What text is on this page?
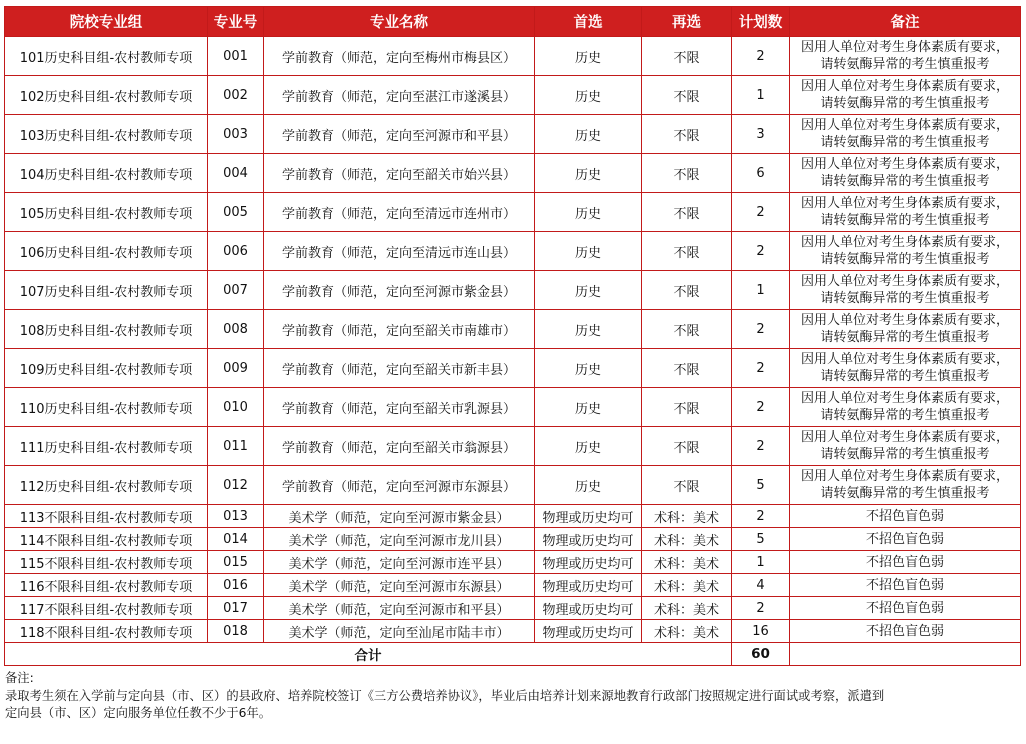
院校专业组	专业号	专业名称	首选	再选	计划数	备注
101历史科目组-农村教师专项	001	学前教育（师范，定向至梅州市梅县区）	历史	不限	2	因用人单位对考生身体素质有要求，
请转氨酶异常的考生慎重报考

102历史科目组-农村教师专项	002	学前教育（师范，定向至湛江市遂溪县）	历史	不限	1	因用人单位对考生身体素质有要求，
请转氨酶异常的考生慎重报考

103历史科目组-农村教师专项	003	学前教育（师范，定向至河源市和平县）	历史	不限	3	因用人单位对考生身体素质有要求，
请转氨酶异常的考生慎重报考

104历史科目组-农村教师专项	004	学前教育（师范，定向至韶关市始兴县）	历史	不限	6	因用人单位对考生身体素质有要求，
请转氨酶异常的考生慎重报考

105历史科目组-农村教师专项	005	学前教育（师范，定向至清远市连州市）	历史	不限	2	因用人单位对考生身体素质有要求，
请转氨酶异常的考生慎重报考

106历史科目组-农村教师专项	006	学前教育（师范，定向至清远市连山县）	历史	不限	2	因用人单位对考生身体素质有要求，
请转氨酶异常的考生慎重报考

107历史科目组-农村教师专项	007	学前教育（师范，定向至河源市紫金县）	历史	不限	1	因用人单位对考生身体素质有要求，
请转氨酶异常的考生慎重报考

108历史科目组-农村教师专项	008	学前教育（师范，定向至韶关市南雄市）	历史	不限	2	因用人单位对考生身体素质有要求，
请转氨酶异常的考生慎重报考

109历史科目组-农村教师专项	009	学前教育（师范，定向至韶关市新丰县）	历史	不限	2	因用人单位对考生身体素质有要求，
请转氨酶异常的考生慎重报考

110历史科目组-农村教师专项	010	学前教育（师范，定向至韶关市乳源县）	历史	不限	2	因用人单位对考生身体素质有要求，
请转氨酶异常的考生慎重报考

111历史科目组-农村教师专项	011	学前教育（师范，定向至韶关市翁源县）	历史	不限	2	因用人单位对考生身体素质有要求，
请转氨酶异常的考生慎重报考

112历史科目组-农村教师专项	012	学前教育（师范，定向至河源市东源县）	历史	不限	5	因用人单位对考生身体素质有要求，
请转氨酶异常的考生慎重报考

113不限科目组-农村教师专项	013	美术学（师范，定向至河源市紫金县）	物理或历史均可	术科：美术	2	不招色盲色弱

114不限科目组-农村教师专项	014	美术学（师范，定向至河源市龙川县）	物理或历史均可	术科：美术	5	不招色盲色弱

115不限科目组-农村教师专项	015	美术学（师范，定向至河源市连平县）	物理或历史均可	术科：美术	1	不招色盲色弱

116不限科目组-农村教师专项	016	美术学（师范，定向至河源市东源县）	物理或历史均可	术科：美术	4	不招色盲色弱

117不限科目组-农村教师专项	017	美术学（师范，定向至河源市和平县）	物理或历史均可	术科：美术	2	不招色盲色弱

118不限科目组-农村教师专项	018	美术学（师范，定向至汕尾市陆丰市）	物理或历史均可	术科：美术	16	不招色盲色弱

合计					60	
备注:
录取考生须在入学前与定向县（市、区）的县政府、培养院校签订《三方公费培养协议》，毕业后由培养计划来源地教育行政部门按照规定进行面试或考察，派遣到
定向县（市、区）定向服务单位任教不少于6年。
